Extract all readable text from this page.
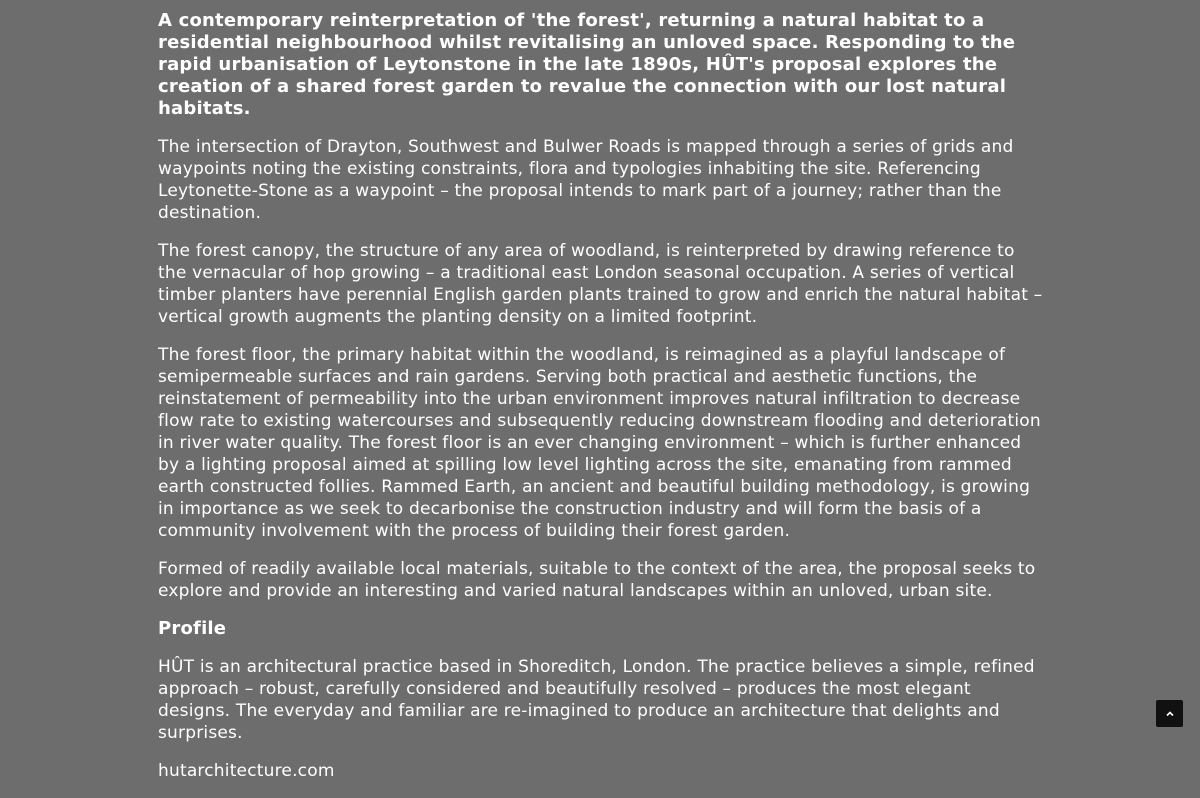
A contemporary reinterpretation of 'the forest', returning a natural habitat to a residential neighbourhood whilst revitalising an unloved space. Responding to the rapid urbanisation of Leytonstone in the late 1890s, HÛT's proposal explores the creation of a shared forest garden to revalue the connection with our lost natural habitats.

The intersection of Drayton, Southwest and Bulwer Roads is mapped through a series of grids and waypoints noting the existing constraints, flora and typologies inhabiting the site. Referencing Leytonette-Stone as a waypoint – the proposal intends to mark part of a journey; rather than the destination.

The forest canopy, the structure of any area of woodland, is reinterpreted by drawing reference to the vernacular of hop growing – a traditional east London seasonal occupation. A series of vertical timber planters have perennial English garden plants trained to grow and enrich the natural habitat – vertical growth augments the planting density on a limited footprint.

The forest floor, the primary habitat within the woodland, is reimagined as a playful landscape of semipermeable surfaces and rain gardens. Serving both practical and aesthetic functions, the reinstatement of permeability into the urban environment improves natural infiltration to decrease flow rate to existing watercourses and subsequently reducing downstream flooding and deterioration in river water quality. The forest floor is an ever changing environment – which is further enhanced by a lighting proposal aimed at spilling low level lighting across the site, emanating from rammed earth constructed follies. Rammed Earth, an ancient and beautiful building methodology, is growing in importance as we seek to decarbonise the construction industry and will form the basis of a community involvement with the process of building their forest garden.

Formed of readily available local materials, suitable to the context of the area, the proposal seeks to explore and provide an interesting and varied natural landscapes within an unloved, urban site.

Profile

HÛT is an architectural practice based in Shoreditch, London. The practice believes a simple, refined approach – robust, carefully considered and beautifully resolved – produces the most elegant designs. The everyday and familiar are re-imagined to produce an architecture that delights and surprises.

hutarchitecture.com
